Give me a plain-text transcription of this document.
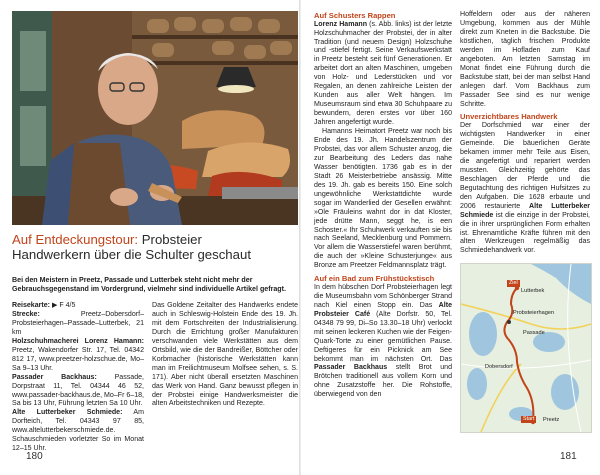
Auf Entdeckungstour: Probsteier
Handwerkern über die Schulter geschaut
Bei den Meistern in Preetz, Passade und Lutterbek steht nicht mehr der Gebrauchsgegenstand im Vordergrund, vielmehr sind individuelle Artikel gefragt.

Reisekarte: ▶ F 4/5

Strecke: Preetz–Dobersdorf–Probsteierhagen–Passade–Lutterbek, 21 km

Holzschuhmacherei Lorenz Hamann: Preetz, Wakendorfer Str. 17, Tel. 04342 812 17, www.preetzer-holzschue.de, Mo–Sa 9–13 Uhr.

Passader Backhaus: Passade, Dorpstraat 11, Tel. 04344 46 52, www.passader-backhaus.de, Mo–Fr 6–18, Sa bis 13 Uhr, Führung letzten Sa 10 Uhr.

Alte Lutterbeker Schmiede: Am Dorfteich, Tel. 04343 97 85, www.altelutterbekerschmiede.de. Schauschmieden vorletzter So im Monat 12–15 Uhr.

Das Goldene Zeitalter des Handwerks endete auch in Schleswig-Holstein Ende des 19. Jh. mit dem Fortschreiten der Industrialisierung. Durch die Errichtung großer Manufakturen verschwanden viele Werkstätten aus dem Ortsbild, wie die der Bandreißer, Böttcher oder Korbmacher (historische Werkstätten kann man im Freilichtmuseum Molfsee sehen, s. S. 171). Aber nicht überall ersetzten Maschinen das Werk von Hand. Ganz bewusst pflegen in der Probstei einige Handwerksmeister die alten Arbeitstechniken und Rezepte.

Auf Schusters Rappen

Lorenz Hamann (s. Abb. links) ist der letzte Holzschuhmacher der Probstei, der in alter Tradition (und neuem Design) Holzschuhe und -stiefel fertigt. Seine Verkaufswerkstatt in Preetz besteht seit fünf Generationen. Er arbeitet dort an alten Maschinen, umgeben von Holz- und Lederstücken und vor Regalen, an denen zahlreiche Leisten der Kunden aus aller Welt hängen. Im Museumsraum sind etwa 30 Schuhpaare zu bewundern, deren erstes vor über 160 Jahren angefertigt wurde.

Hamanns Heimatort Preetz war noch bis Ende des 19. Jh. Handelszentrum der Probstei, das vor allem Schuster anzog, die zur Bearbeitung des Leders das nahe Wasser benötigten. 1736 gab es in der Stadt 26 Meisterbetriebe ansässig. Mitte des 19. Jh. gab es bereits 150. Eine solch ungewöhnliche Werkstattdichte wurde sogar im Wanderlied der Gesellen erwähnt: »Ole Fräuleins wahnt dor in dat Kloster, jede drütte Mann, seggt he, is een Schoster.« Ihr Schuhwerk verkauften sie bis nach Seeland, Mecklenburg und Pommern. Vor allem die Wasserstiefel waren berühmt, die auch der »Kleine Schusterjunge« aus Bronze am Preetzer Feldmannsplatz trägt.

Auf ein Bad zum Frühstückstisch

In dem hübschen Dorf Probsteierhagen legt die Museumsbahn vom Schönberger Strand nach Kiel einen Stopp ein. Das Alte Probsteier Café (Alte Dorfstr. 50, Tel. 04348 79 99, Di–So 13.30–18 Uhr) verlockt mit seinen leckeren Kuchen wie der Feigen-Quark-Torte zu einer gemütlichen Pause. Deftigeres für ein Picknick am See bekommt man im nächsten Ort. Das Passader Backhaus stellt Brot und Brötchen traditionell aus vollem Korn und ohne Zusatzstoffe her. Die Rohstoffe, überwiegend von den

Hoffeldern oder aus der näheren Umgebung, kommen aus der Mühle direkt zum Kneten in die Backstube. Die köstlichen, täglich frischen Produkte werden im Hofladen zum Kauf angeboten. Am letzten Samstag im Monat findet eine Führung durch die Backstube statt, bei der man selbst Hand anlegen darf. Vom Backhaus zum Passader See sind es nur wenige Schritte.

Unverzichtbares Handwerk

Der Dorfschmied war einer der wichtigsten Handwerker in einer Gemeinde. Die bäuerlichen Geräte bekamen immer mehr Teile aus Eisen, die angefertigt und repariert werden mussten. Gleichzeitig gehörte das Beschlagen der Pferde und die Begutachtung des richtigen Hufsitzes zu den Aufgaben. Die 1628 erbaute und 2006 restaurierte Alte Lutterbeker Schmiede ist die einzige in der Probstei, die in ihrer ursprünglichen Form erhalten ist. Ehrenamtliche Kräfte führen mit den alten Werkzeugen regelmäßig das Schmiedehandwerk vor.

Ziel
Lutterbek
Probsteierhagen
Passade
Dobersdorf
Start	Preetz
180	181
